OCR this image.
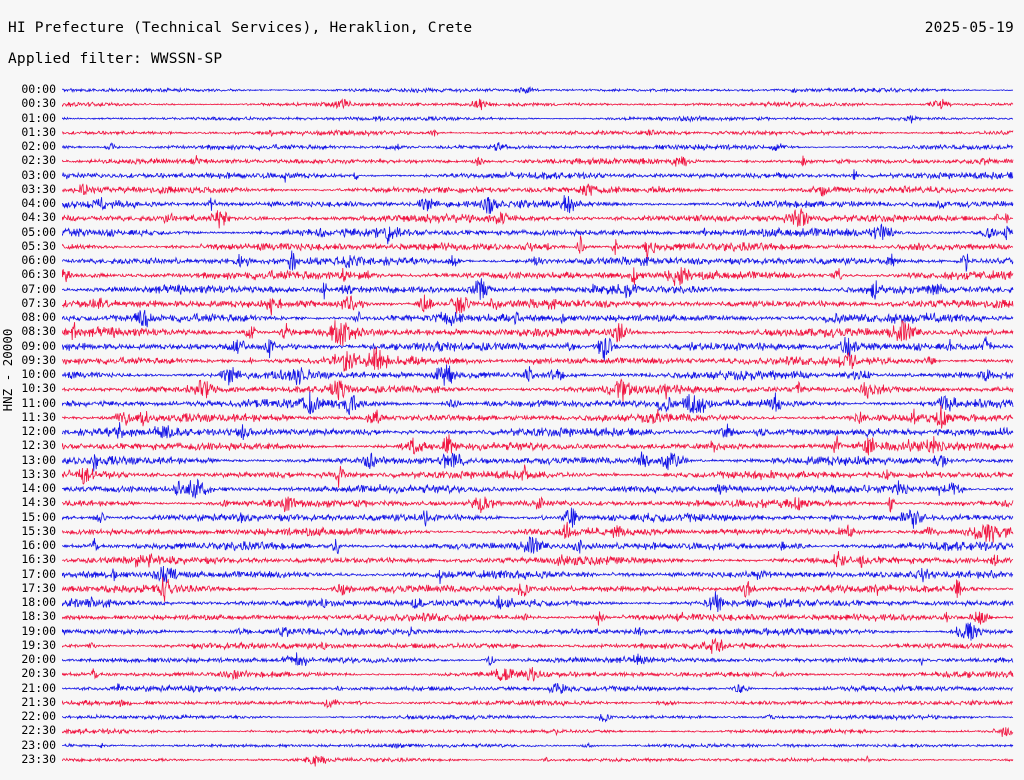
HI Prefecture (Technical Services), Heraklion, Crete	2025-05-19
Applied filter: WWSSN-SP
HNZ - 20000
00:00
00:30
01:00
01:30
02:00
02:30
03:00
03:30
04:00
04:30
05:00
05:30
06:00
06:30
07:00
07:30
08:00
08:30
09:00
09:30
10:00
10:30
11:00
11:30
12:00
12:30
13:00
13:30
14:00
14:30
15:00
15:30
16:00
16:30
17:00
17:30
18:00
18:30
19:00
19:30
20:00
20:30
21:00
21:30
22:00
22:30
23:00
23:30
